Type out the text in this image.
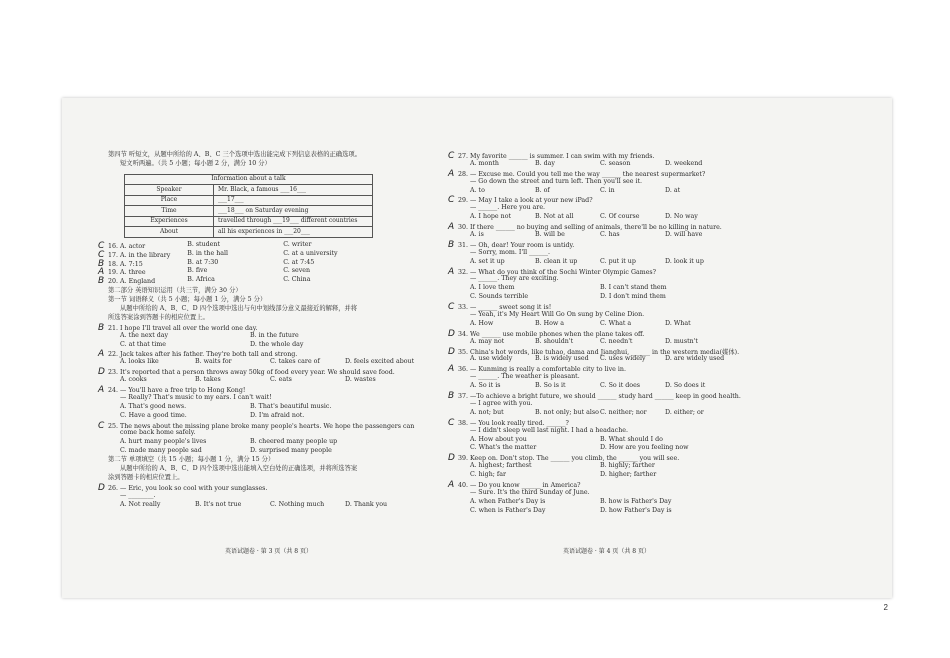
第四节 听短文，从题中所给的 A、B、C 三个选项中选出能完成下列信息表格的正确选项。
短文听两遍。（共 5 小题；每小题 2 分，满分 10 分）
Information about a talk	
Speaker	Mr. Black, a famous ___16___
Place	___17___
Time	___18___ on Saturday evening
Experiences	travelled through ___19___ different countries
About	all his experiences in ___20___
C 16. A. actor	B. student	C. writer
C 17. A. in the library	B. in the hall	C. at a university
B 18. A. 7:15	B. at 7:30	C. at 7:45
A 19. A. three	B. five	C. seven
B 20. A. England	B. Africa	C. China
第二部分 英语知识运用（共三节，满分 30 分）
第一节 词语释义（共 5 小题；每小题 1 分，满分 5 分）
从题中所给的 A、B、C、D 四个选项中选出与句中划线部分意义最接近的解释，并将
所选答案涂到答题卡的相应位置上。
B 21. I hope I'll travel all over the world one day.
A. the next day	B. in the future
C. at that time	D. the whole day
A 22. Jack takes after his father. They're both tall and strong.
A. looks like	B. waits for	C. takes care of	D. feels excited about
D 23. It's reported that a person throws away 50kg of food every year. We should save food.
A. cooks	B. takes	C. eats	D. wastes
A 24. — You'll have a free trip to Hong Kong!
— Really? That's music to my ears. I can't wait!
A. That's good news.	B. That's beautiful music.
C. Have a good time.	D. I'm afraid not.
C 25. The news about the missing plane broke many people's hearts. We hope the passengers can
come back home safely.
A. hurt many people's lives	B. cheered many people up
C. made many people sad	D. surprised many people
第二节 单项填空（共 15 小题；每小题 1 分，满分 15 分）
从题中所给的 A、B、C、D 四个选项中选出能填入空白处的正确选项，并将所选答案
涂到答题卡的相应位置上。
D 26. — Eric, you look so cool with your sunglasses.
— ________.
A. Not really	B. It's not true	C. Nothing much	D. Thank you
C 27. My favorite ______ is summer. I can swim with my friends.
A. month	B. day	C. season	D. weekend
A 28. — Excuse me. Could you tell me the way ______ the nearest supermarket?
— Go down the street and turn left. Then you'll see it.
A. to	B. of	C. in	D. at
C 29. — May I take a look at your new iPad?
— ______. Here you are.
A. I hope not	B. Not at all	C. Of course	D. No way
A 30. If there ______ no buying and selling of animals, there'll be no killing in nature.
A. is	B. will be	C. has	D. will have
B 31. — Oh, dear! Your room is untidy.
— Sorry, mom. I'll ______.
A. set it up	B. clean it up	C. put it up	D. look it up
A 32. — What do you think of the Sochi Winter Olympic Games?
— ______. They are exciting.
A. I love them	B. I can't stand them
C. Sounds terrible	D. I don't mind them
C 33. — ______ sweet song it is!
— Yeah, it's My Heart Will Go On sung by Celine Dion.
A. How	B. How a	C. What a	D. What
D 34. We ______ use mobile phones when the plane takes off.
A. may not	B. shouldn't	C. needn't	D. mustn't
D 35. China's hot words, like tuhao, dama and Jianghui, ______ in the western media(媒体).
A. use widely	B. is widely used	C. uses widely	D. are widely used
A 36. — Kunming is really a comfortable city to live in.
— ______. The weather is pleasant.
A. So it is	B. So is it	C. So it does	D. So does it
B 37. —To achieve a bright future, we should ______ study hard ______ keep in good health.
— I agree with you.
A. not; but	B. not only; but also C. neither; nor	D. either; or
C 38. — You look really tired. ______?
— I didn't sleep well last night. I had a headache.
A. How about you	B. What should I do
C. What's the matter	D. How are you feeling now
D 39. Keep on. Don't stop. The ______ you climb, the ______ you will see.
A. highest; farthest	B. highly; farther
C. high; far	D. higher; farther
A 40. — Do you know ______ in America?
— Sure. It's the third Sunday of June.
A. when Father's Day is	B. how is Father's Day
C. when is Father's Day	D. how Father's Day is
英语试题卷 · 第 3 页（共 8 页）	英语试题卷 · 第 4 页（共 8 页）
2
